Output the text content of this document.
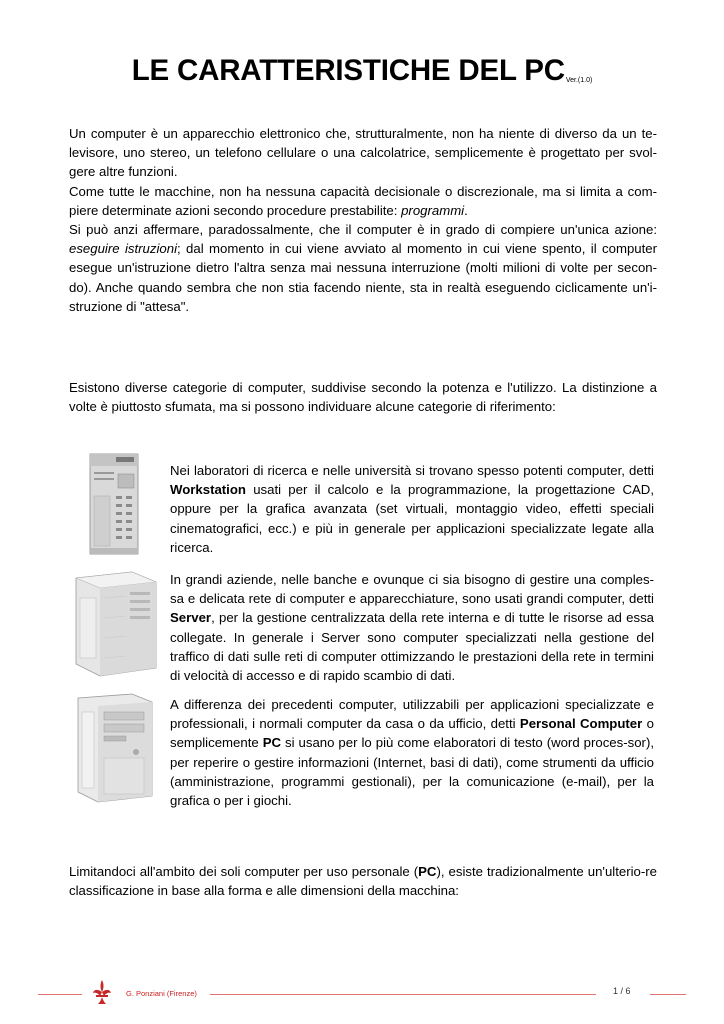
LE CARATTERISTICHE DEL PCVer.(1.0)

Un computer è un apparecchio elettronico che, strutturalmente, non ha niente di diverso da un te-levisore, uno stereo, un telefono cellulare o una calcolatrice, semplicemente è progettato per svol-gere altre funzioni.

Come tutte le macchine, non ha nessuna capacità decisionale o discrezionale, ma si limita a com-piere determinate azioni secondo procedure prestabilite: programmi.

Si può anzi affermare, paradossalmente, che il computer è in grado di compiere un'unica azione: eseguire istruzioni; dal momento in cui viene avviato al momento in cui viene spento, il computer esegue un'istruzione dietro l'altra senza mai nessuna interruzione (molti milioni di volte per secon-do). Anche quando sembra che non stia facendo niente, sta in realtà eseguendo ciclicamente un'i-struzione di "attesa".

Esistono diverse categorie di computer, suddivise secondo la potenza e l'utilizzo. La distinzione a volte è piuttosto sfumata, ma si possono individuare alcune categorie di riferimento:

Nei laboratori di ricerca e nelle università si trovano spesso potenti computer, detti Workstation usati per il calcolo e la programmazione, la progettazione CAD, oppure per la grafica avanzata (set virtuali, montaggio video, effetti speciali cinematografici, ecc.) e più in generale per applicazioni specializzate legate alla ricerca.
In grandi aziende, nelle banche e ovunque ci sia bisogno di gestire una comples-sa e delicata rete di computer e apparecchiature, sono usati grandi computer, detti Server, per la gestione centralizzata della rete interna e di tutte le risorse ad essa collegate. In generale i Server sono computer specializzati nella gestione del traffico di dati sulle reti di computer ottimizzando le prestazioni della rete in termini di velocità di accesso e di rapido scambio di dati.
A differenza dei precedenti computer, utilizzabili per applicazioni specializzate e professionali, i normali computer da casa o da ufficio, detti Personal Computer o semplicemente PC si usano per lo più come elaboratori di testo (word proces-sor), per reperire o gestire informazioni (Internet, basi di dati), come strumenti da ufficio (amministrazione, programmi gestionali), per la comunicazione (e-mail), per la grafica o per i giochi.

Limitandoci all'ambito dei soli computer per uso personale (PC), esiste tradizionalmente un'ulterio-re classificazione in base alla forma e alle dimensioni della macchina:

G. Ponziani (Firenze)	1 / 6
